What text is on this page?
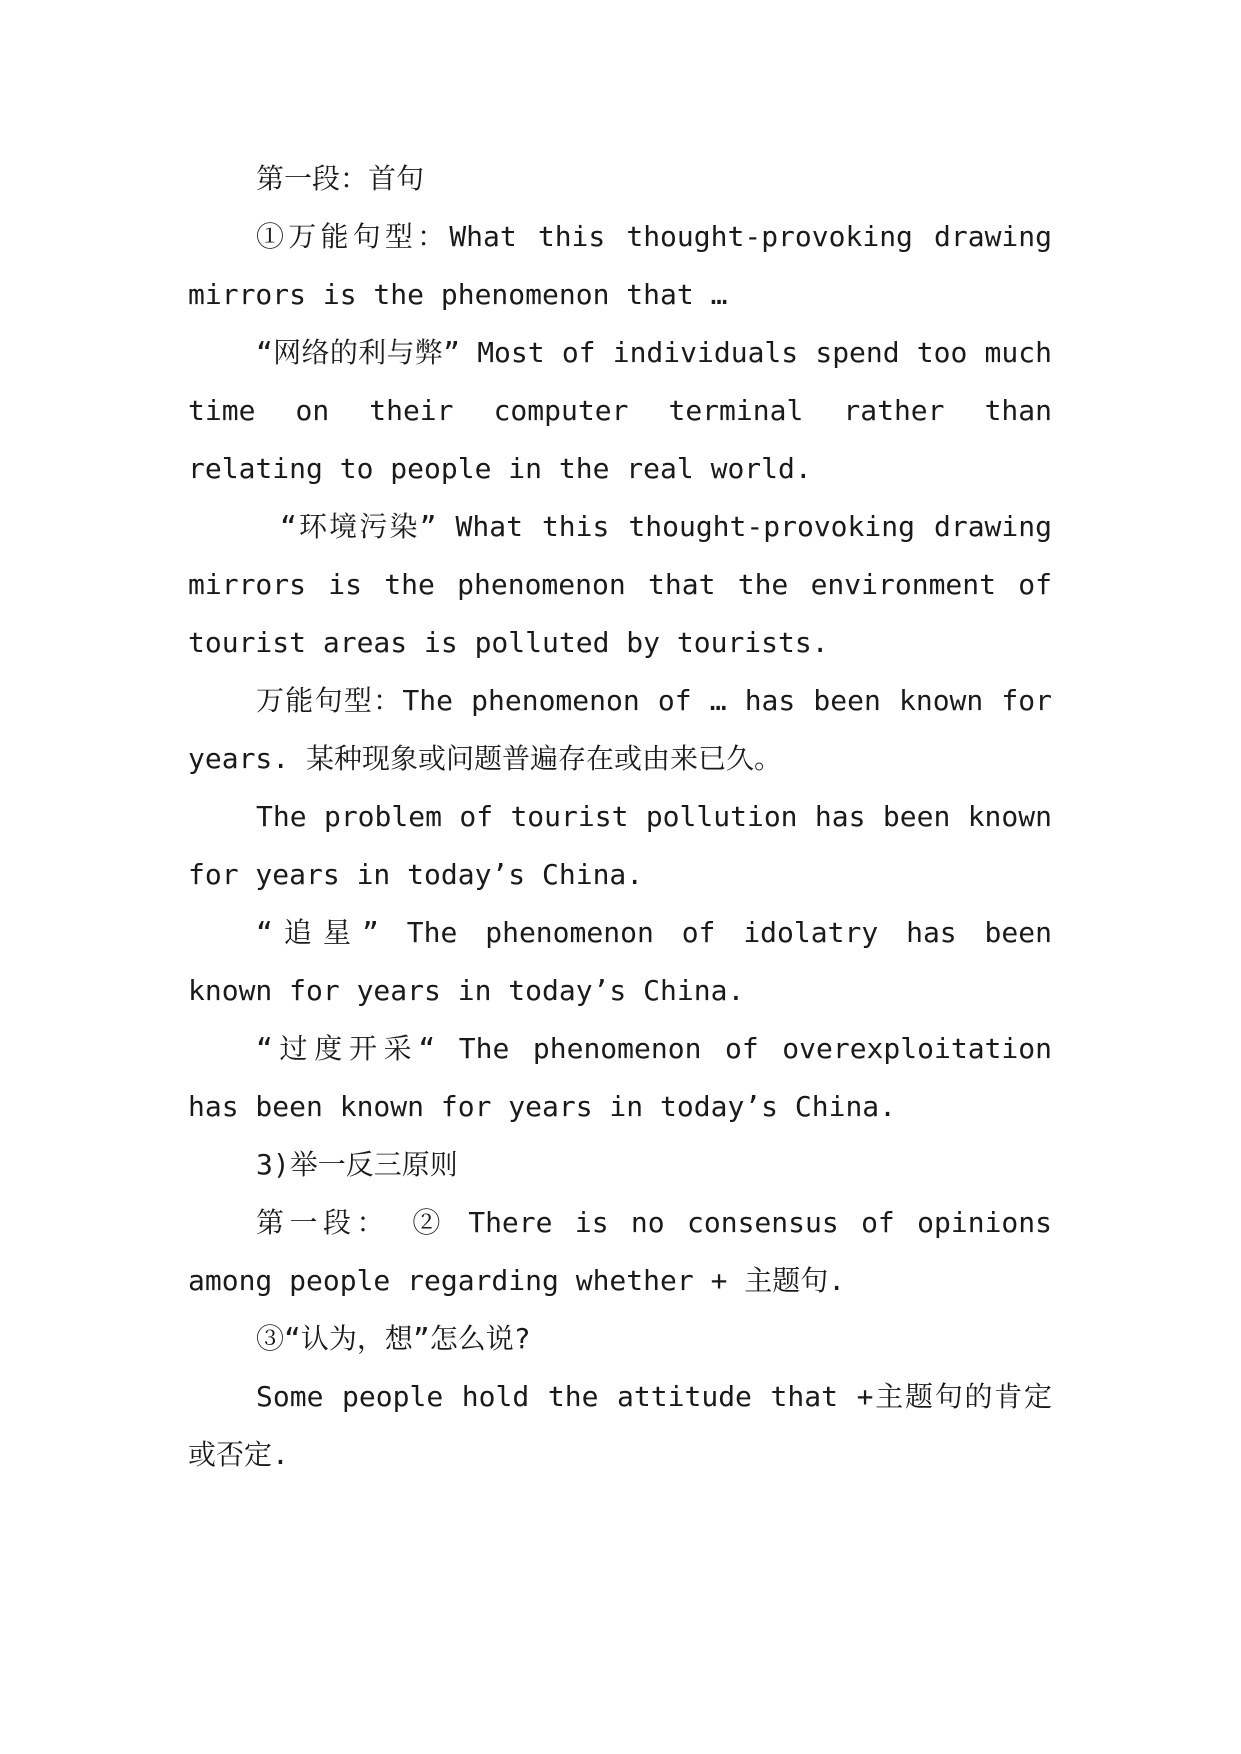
第一段：首句

①万能句型：What this thought-provoking drawing mirrors is the phenomenon that …

“网络的利与弊” Most of individuals spend too much time on their computer terminal rather than relating to people in the real world.

“环境污染” What this thought-provoking drawing mirrors is the phenomenon that the environment of tourist areas is polluted by tourists.

万能句型：The phenomenon of … has been known for years. 某种现象或问题普遍存在或由来已久。

The problem of tourist pollution has been known for years in today’s China.

“追星” The phenomenon of idolatry has been known for years in today’s China.

“过度开采“ The phenomenon of overexploitation has been known for years in today’s China.

3)举一反三原则

第一段： ② There is no consensus of opinions among people regarding whether + 主题句.

③“认为，想”怎么说?

Some people hold the attitude that +主题句的肯定或否定.
